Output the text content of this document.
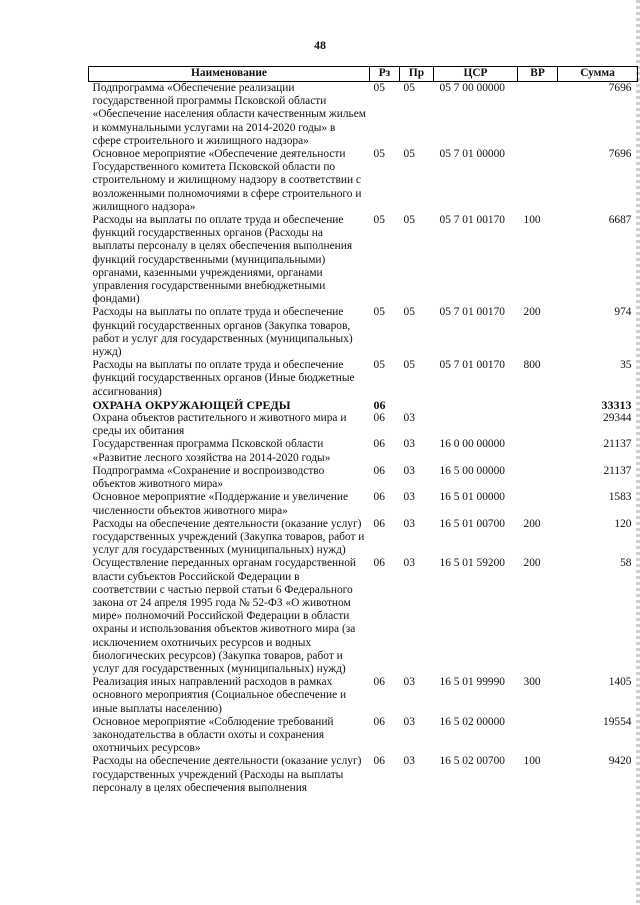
48
Наименование	Рз	Пр	ЦСР	ВР	Сумма
Подпрограмма «Обеспечение реализации государственной программы Псковской области «Обеспечение населения области качественным жильем и коммунальными услугами на 2014-2020 годы» в сфере строительного и жилищного надзора»	05	05	05 7 00 00000		7696
Основное мероприятие «Обеспечение деятельности Государственного комитета Псковской области по строительному и жилищному надзору в соответствии с возложенными полномочиями в сфере строительного и жилищного надзора»	05	05	05 7 01 00000		7696
Расходы на выплаты по оплате труда и обеспечение функций государственных органов (Расходы на выплаты персоналу в целях обеспечения выполнения функций государственными (муниципальными) органами, казенными учреждениями, органами управления государственными внебюджетными фондами)	05	05	05 7 01 00170	100	6687
Расходы на выплаты по оплате труда и обеспечение функций государственных органов (Закупка товаров, работ и услуг для государственных (муниципальных) нужд)	05	05	05 7 01 00170	200	974
Расходы на выплаты по оплате труда и обеспечение функций государственных органов (Иные бюджетные ассигнования)	05	05	05 7 01 00170	800	35
ОХРАНА ОКРУЖАЮЩЕЙ СРЕДЫ	06				33313
Охрана объектов растительного и животного мира и среды их обитания	06	03			29344
Государственная программа Псковской области «Развитие лесного хозяйства на 2014-2020 годы»	06	03	16 0 00 00000		21137
Подпрограмма «Сохранение и воспроизводство объектов животного мира»	06	03	16 5 00 00000		21137
Основное мероприятие «Поддержание и увеличение численности объектов животного мира»	06	03	16 5 01 00000		1583
Расходы на обеспечение деятельности (оказание услуг) государственных учреждений (Закупка товаров, работ и услуг для государственных (муниципальных) нужд)	06	03	16 5 01 00700	200	120
Осуществление переданных органам государственной власти субъектов Российской Федерации в соответствии с частью первой статьи 6 Федерального закона от 24 апреля 1995 года № 52-ФЗ «О животном мире» полномочий Российской Федерации в области охраны и использования объектов животного мира (за исключением охотничьих ресурсов и водных биологических ресурсов) (Закупка товаров, работ и услуг для государственных (муниципальных) нужд)	06	03	16 5 01 59200	200	58
Реализация иных направлений расходов в рамках основного мероприятия (Социальное обеспечение и иные выплаты населению)	06	03	16 5 01 99990	300	1405
Основное мероприятие «Соблюдение требований законодательства в области охоты и сохранения охотничьих ресурсов»	06	03	16 5 02 00000		19554
Расходы на обеспечение деятельности (оказание услуг) государственных учреждений (Расходы на выплаты персоналу в целях обеспечения выполнения	06	03	16 5 02 00700	100	9420
